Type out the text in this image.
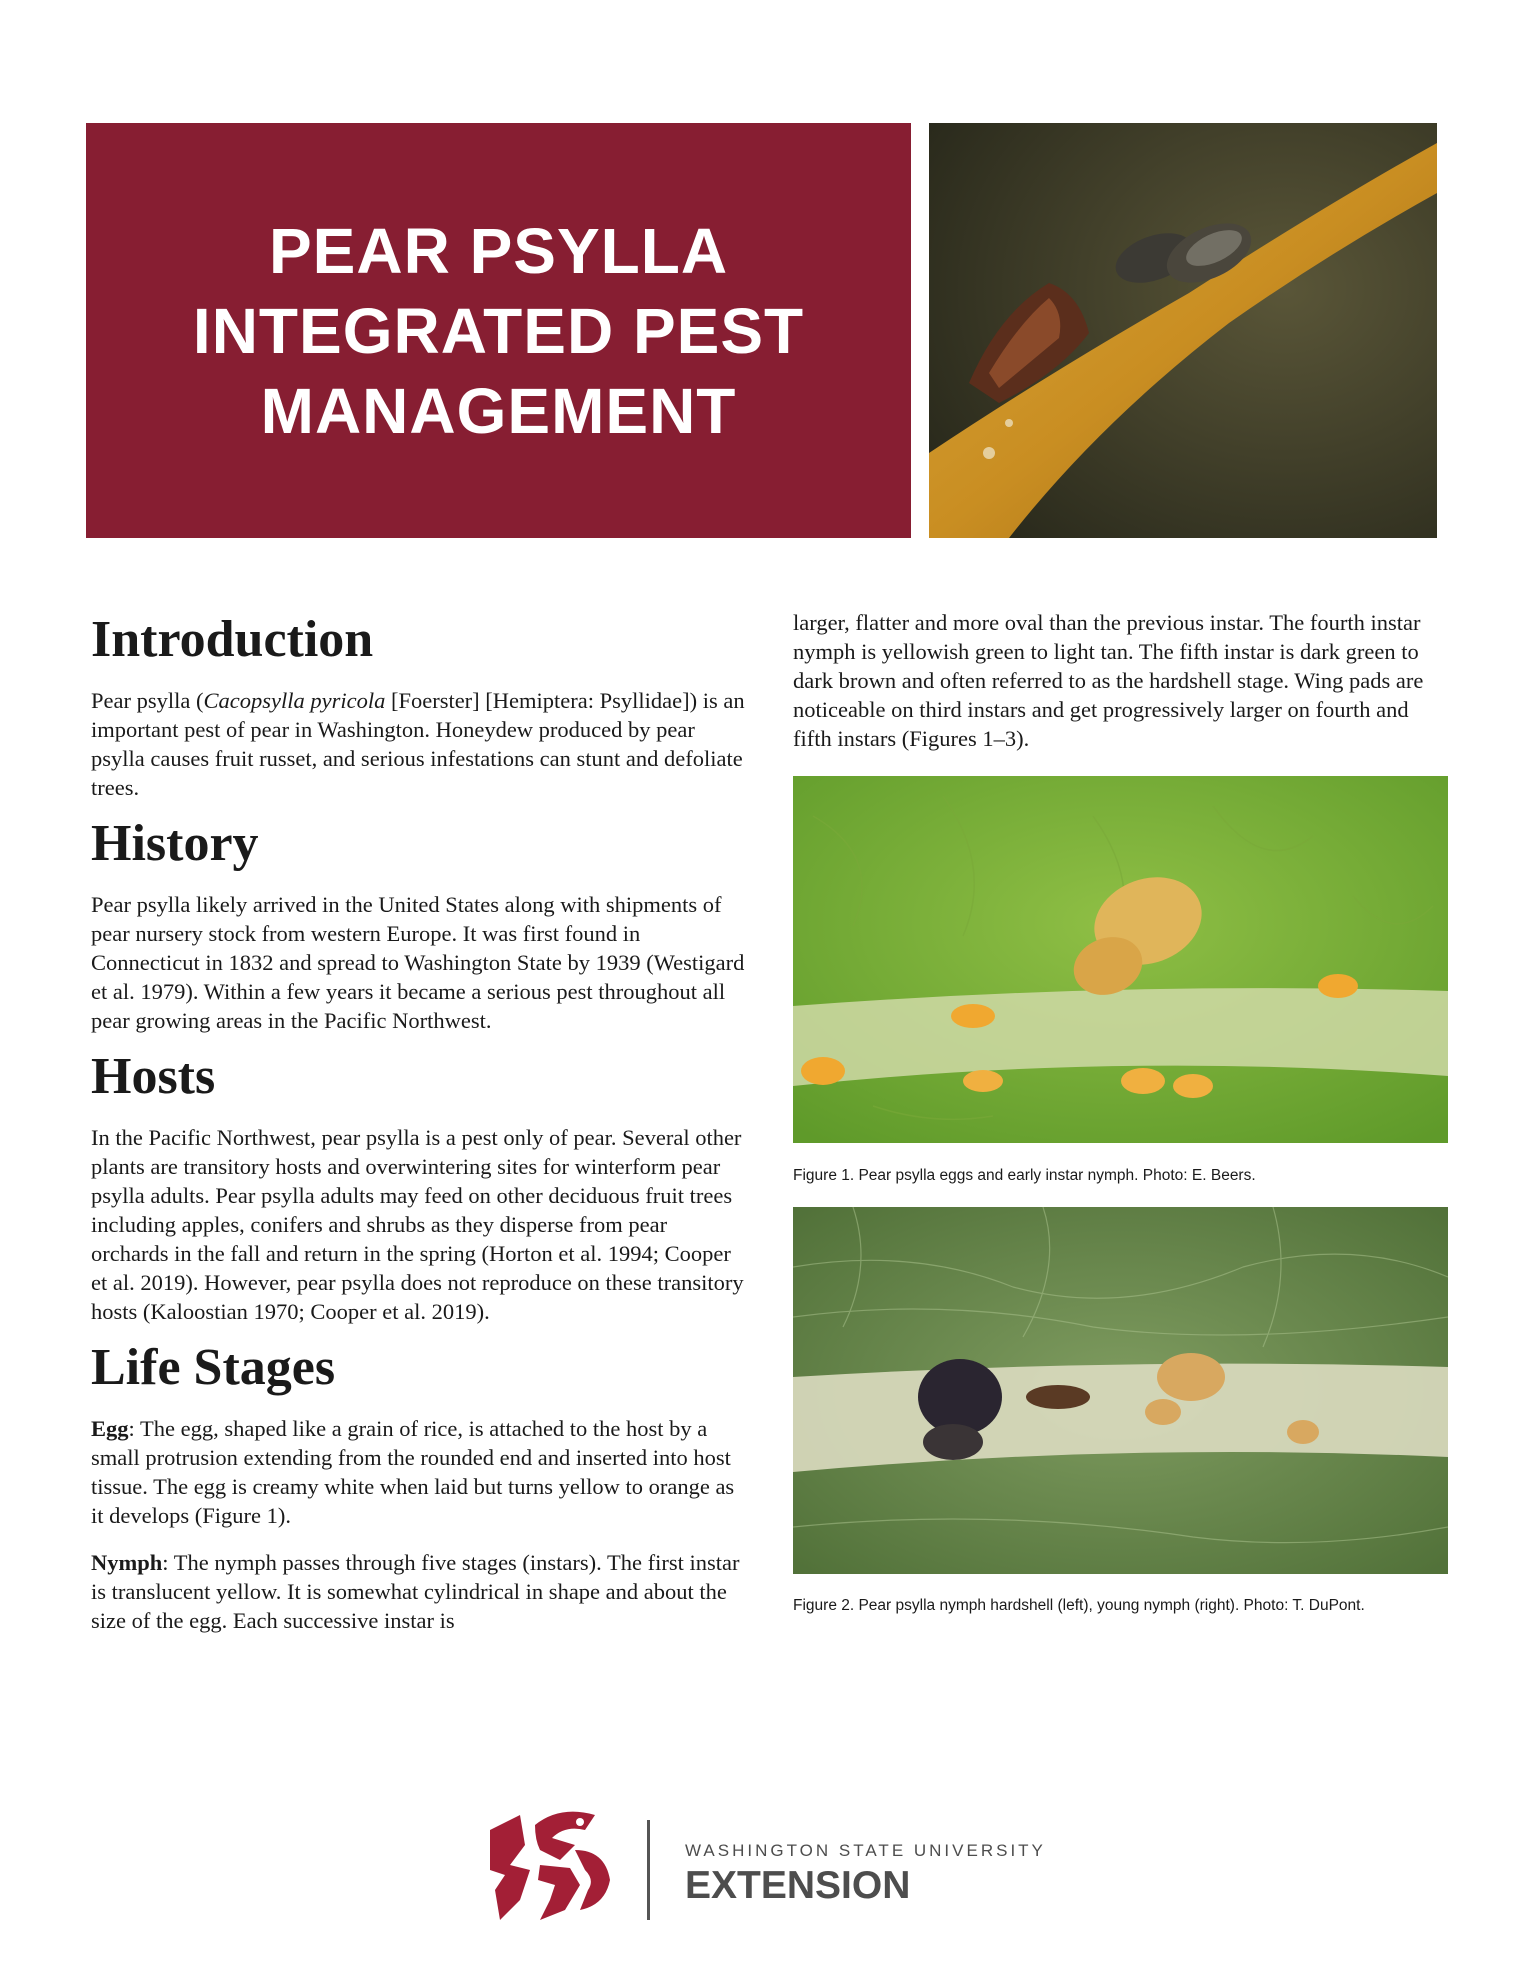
PEAR PSYLLA
INTEGRATED PEST
MANAGEMENT
Introduction

Pear psylla (Cacopsylla pyricola [Foerster] [Hemiptera: Psyllidae]) is an important pest of pear in Washington. Honeydew produced by pear psylla causes fruit russet, and serious infestations can stunt and defoliate trees.

History

Pear psylla likely arrived in the United States along with shipments of pear nursery stock from western Europe. It was first found in Connecticut in 1832 and spread to Washington State by 1939 (Westigard et al. 1979). Within a few years it became a serious pest throughout all pear growing areas in the Pacific Northwest.

Hosts

In the Pacific Northwest, pear psylla is a pest only of pear. Several other plants are transitory hosts and overwintering sites for winterform pear psylla adults. Pear psylla adults may feed on other deciduous fruit trees including apples, conifers and shrubs as they disperse from pear orchards in the fall and return in the spring (Horton et al. 1994; Cooper et al. 2019). However, pear psylla does not reproduce on these transitory hosts (Kaloostian 1970; Cooper et al. 2019).

Life Stages

Egg: The egg, shaped like a grain of rice, is attached to the host by a small protrusion extending from the rounded end and inserted into host tissue. The egg is creamy white when laid but turns yellow to orange as it develops (Figure 1).

Nymph: The nymph passes through five stages (instars). The first instar is translucent yellow. It is somewhat cylindrical in shape and about the size of the egg. Each successive instar is

larger, flatter and more oval than the previous instar. The fourth instar nymph is yellowish green to light tan. The fifth instar is dark green to dark brown and often referred to as the hardshell stage. Wing pads are noticeable on third instars and get progressively larger on fourth and fifth instars (Figures 1–3).

Figure 1. Pear psylla eggs and early instar nymph. Photo: E. Beers.

Figure 2. Pear psylla nymph hardshell (left), young nymph (right). Photo: T. DuPont.

WASHINGTON STATE UNIVERSITY
EXTENSION
